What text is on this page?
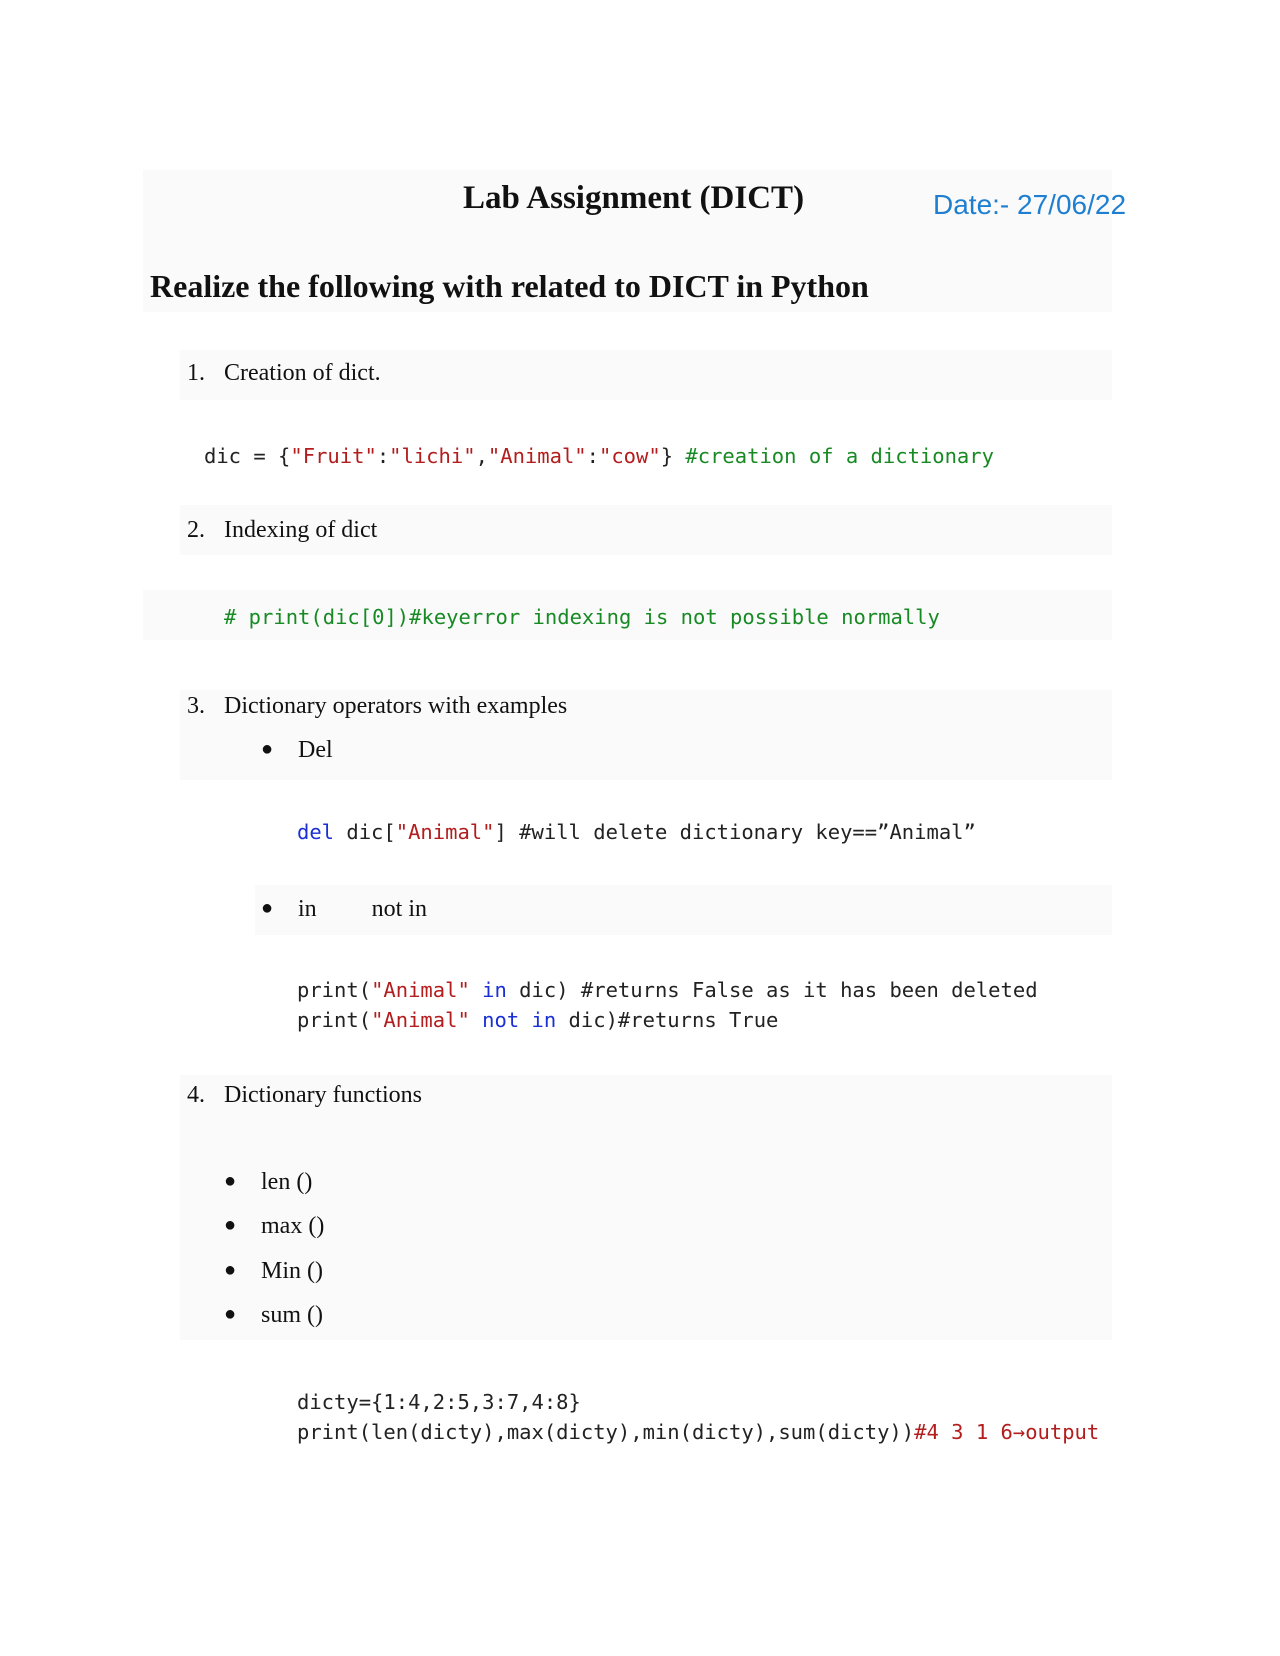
Lab Assignment (DICT)	Date:- 27/06/22
Realize the following with related to DICT in Python
1. Creation of dict.
dic = {"Fruit":"lichi","Animal":"cow"} #creation of a dictionary
2. Indexing of dict
# print(dic[0])#keyerror indexing is not possible normally
3. Dictionary operators with examples
● Del
del dic["Animal"] #will delete dictionary key==”Animal”
● in not in
print("Animal" in dic) #returns False as it has been deleted
print("Animal" not in dic)#returns True
4. Dictionary functions
● len ()
● max ()
● Min ()
● sum ()
dicty={1:4,2:5,3:7,4:8}
print(len(dicty),max(dicty),min(dicty),sum(dicty))#4 3 1 6→output
